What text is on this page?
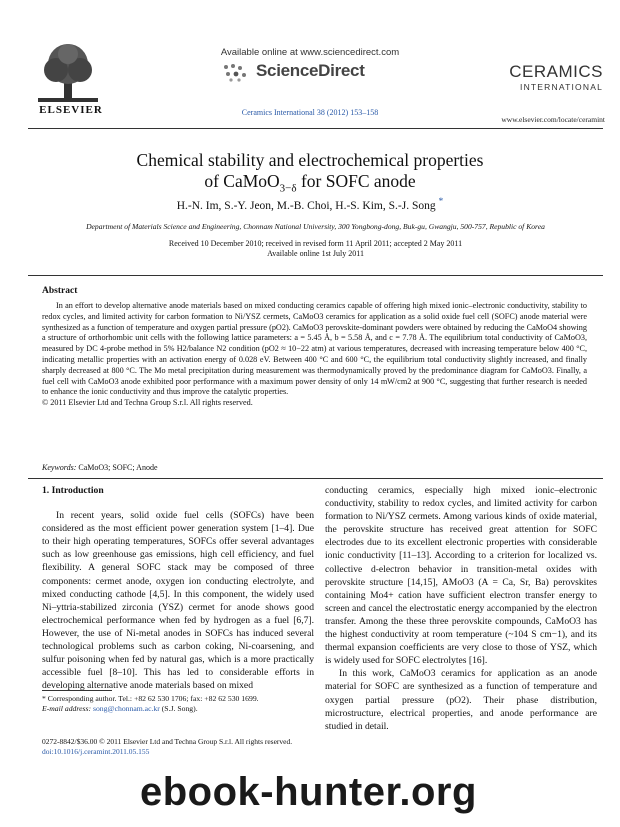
ELSEVIER
Available online at www.sciencedirect.com
ScienceDirect
Ceramics International 38 (2012) 153–158
CERAMICS
INTERNATIONAL
www.elsevier.com/locate/ceramint
Chemical stability and electrochemical properties
of CaMoO$_{3-\delta}$ for SOFC anode
H.-N. Im, S.-Y. Jeon, M.-B. Choi, H.-S. Kim, S.-J. Song *
Department of Materials Science and Engineering, Chonnam National University, 300 Yongbong-dong, Buk-gu, Gwangju, 500-757, Republic of Korea
Received 10 December 2010; received in revised form 11 April 2011; accepted 2 May 2011
Available online 1st July 2011
Abstract
In an effort to develop alternative anode materials based on mixed conducting ceramics capable of offering high mixed ionic–electronic conductivity, stability to redox cycles, and limited activity for carbon formation to Ni/YSZ cermets, CaMoO3 ceramics for application as a solid oxide fuel cell (SOFC) anode material were synthesized as a function of temperature and oxygen partial pressure (pO2). CaMoO3 perovskite-dominant powders were obtained by reducing the CaMoO4 showing a structure of orthorhombic unit cells with the following lattice parameters: a = 5.45 Å, b = 5.58 Å, and c = 7.78 Å. The equilibrium total conductivity of CaMoO3, measured by DC 4-probe method in 5% H2/balance N2 condition (pO2 ≈ 10−22 atm) at various temperatures, decreased with increasing temperature below 400 °C, indicating metallic properties with an activation energy of 0.028 eV. Between 400 °C and 600 °C, the equilibrium total conductivity slightly increased, and finally sharply decreased at 800 °C. The Mo metal precipitation during measurement was thermodynamically proved by the predominance diagram for CaMoO3. Finally, a fuel cell with CaMoO3 anode exhibited poor performance with a maximum power density of only 14 mW/cm2 at 900 °C, suggesting that further research is needed to enhance the ionic conductivity and thus improve the catalytic properties.
© 2011 Elsevier Ltd and Techna Group S.r.l. All rights reserved.
Keywords: CaMoO3; SOFC; Anode

1. Introduction

In recent years, solid oxide fuel cells (SOFCs) have been considered as the most efficient power generation system [1–4]. Due to their high operating temperatures, SOFCs offer several advantages such as low greenhouse gas emissions, high cell efficiency, and fuel flexibility. A general SOFC stack may be composed of three components: cermet anode, oxygen ion conducting electrolyte, and mixed conducting cathode [4,5]. In this component, the widely used Ni–yttria-stabilized zirconia (YSZ) cermet for anode shows good electrochemical performance when fed by hydrogen as a fuel [6,7]. However, the use of Ni-metal anodes in SOFCs has induced several technological problems such as carbon coking, Ni-coarsening, and sulfur poisoning when fed by natural gas, which is a more practically accessible fuel [8–10]. This has led to considerable efforts in developing alternative anode materials based on mixed

conducting ceramics, especially high mixed ionic–electronic conductivity, stability to redox cycles, and limited activity for carbon formation to Ni/YSZ cermets. Among various kinds of oxide material, the perovskite structure has received great attention for SOFC electrodes due to its excellent electronic properties with considerable ionic conductivity [11–13]. According to a criterion for localized vs. collective d-electron behavior in transition-metal oxides with perovskite structure [14,15], AMoO3 (A = Ca, Sr, Ba) perovskites containing Mo4+ cation have sufficient electron transfer energy to screen and cancel the electrostatic energy accompanied by the electron transfer. Among the these three perovskite compounds, CaMoO3 has the highest conductivity at room temperature (~104 S cm−1), and its thermal expansion coefficients are very close to those of YSZ, which is widely used for SOFC electrolytes [16].

In this work, CaMoO3 ceramics for application as an anode material for SOFC are synthesized as a function of temperature and oxygen partial pressure (pO2). Their phase distribution, microstructure, electrical properties, and anode performance are studied in detail.

* Corresponding author. Tel.: +82 62 530 1706; fax: +82 62 530 1699.
E-mail address: song@chonnam.ac.kr (S.J. Song).
0272-8842/$36.00 © 2011 Elsevier Ltd and Techna Group S.r.l. All rights reserved.
doi:10.1016/j.ceramint.2011.05.155
ebook-hunter.org
